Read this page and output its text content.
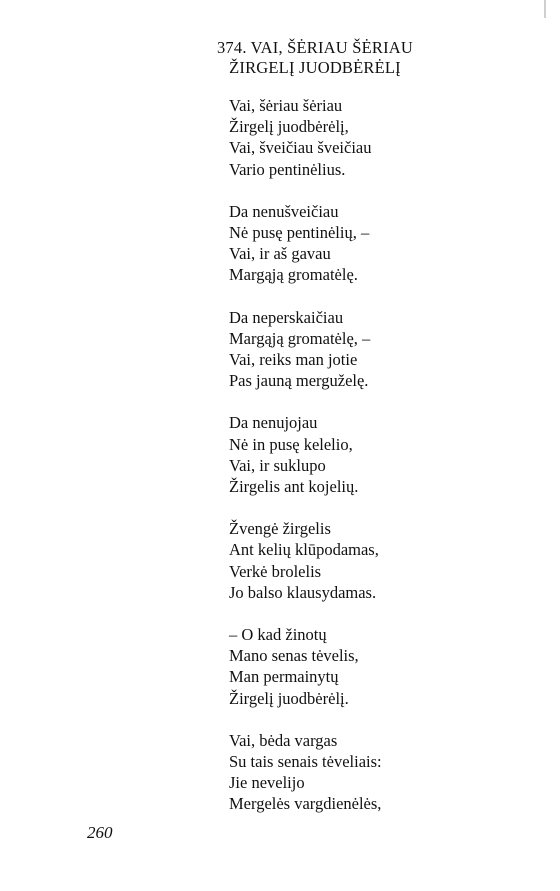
374. VAI, ŠĖRIAU ŠĖRIAU
ŽIRGELĮ JUODBĖRĖLĮ
Vai, šėriau šėriau
Žirgelį juodbėrėlį,
Vai, šveičiau šveičiau
Vario pentinėlius.
Da nenušveičiau
Nė pusę pentinėlių, –
Vai, ir aš gavau
Margąją gromatėlę.
Da neperskaičiau
Margąją gromatėlę, –
Vai, reiks man jotie
Pas jauną merguželę.
Da nenujojau
Nė in pusę kelelio,
Vai, ir suklupo
Žirgelis ant kojelių.
Žvengė žirgelis
Ant kelių klūpodamas,
Verkė brolelis
Jo balso klausydamas.
– O kad žinotų
Mano senas tėvelis,
Man permainytų
Žirgelį juodbėrėlį.
Vai, bėda vargas
Su tais senais tėveliais:
Jie nevelijo
Mergelės vargdienėlės,
260
